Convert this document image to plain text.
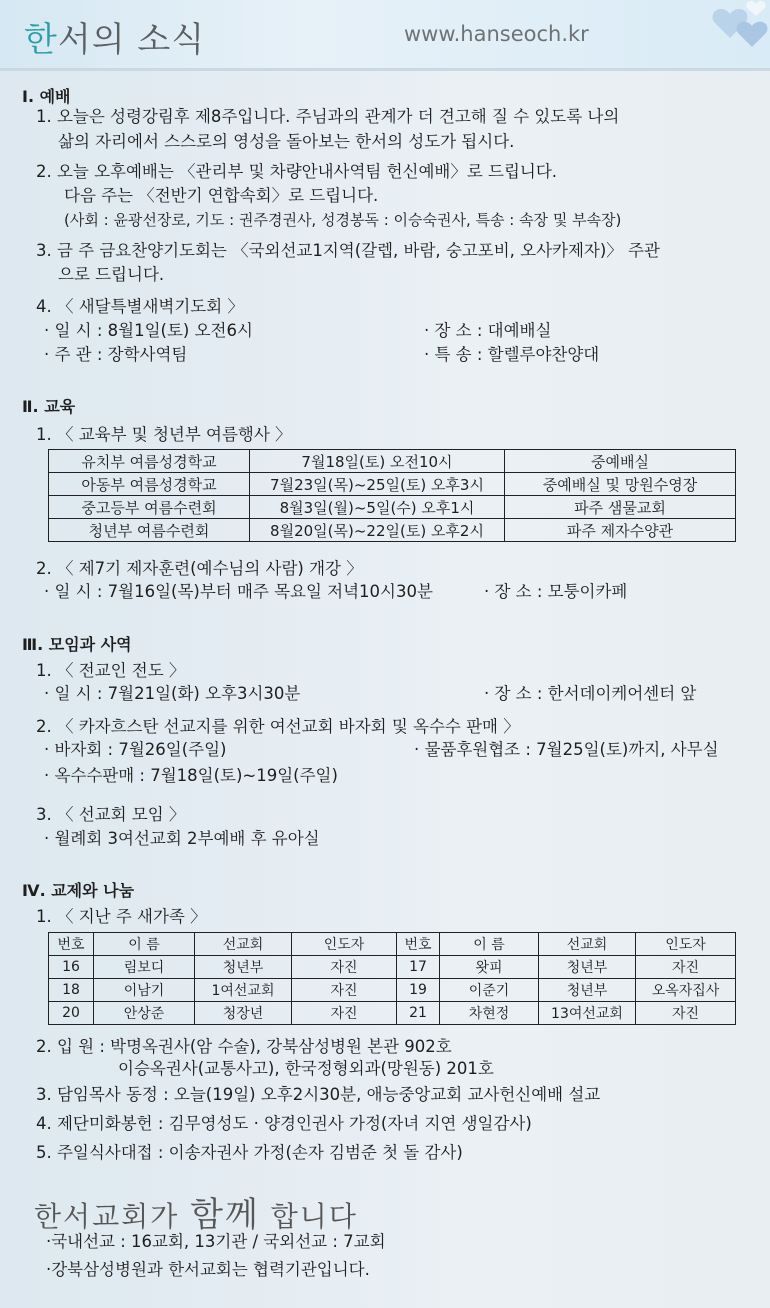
한서의 소식	www.hanseoch.kr
Ⅰ. 예배
1. 오늘은 성령강림후 제8주입니다. 주님과의 관계가 더 견고해 질 수 있도록 나의
삶의 자리에서 스스로의 영성을 돌아보는 한서의 성도가 됩시다.
2. 오늘 오후예배는 〈관리부 및 차량안내사역팀 헌신예배〉로 드립니다.
다음 주는 〈전반기 연합속회〉로 드립니다.
(사회 : 윤광선장로, 기도 : 권주경권사, 성경봉독 : 이승숙권사, 특송 : 속장 및 부속장)
3. 금 주 금요찬양기도회는 〈국외선교1지역(갈렙, 바람, 숭고포비, 오사카제자)〉 주관
으로 드립니다.
4. 〈 새달특별새벽기도회 〉
· 일 시 : 8월1일(토) 오전6시	· 장 소 : 대예배실
· 주 관 : 장학사역팀	· 특 송 : 할렐루야찬양대
Ⅱ. 교육
1. 〈 교육부 및 청년부 여름행사 〉
유치부 여름성경학교	7월18일(토) 오전10시	중예배실
아동부 여름성경학교	7월23일(목)~25일(토) 오후3시	중예배실 및 망원수영장
중고등부 여름수련회	8월3일(월)~5일(수) 오후1시	파주 샘물교회
청년부 여름수련회	8월20일(목)~22일(토) 오후2시	파주 제자수양관
2. 〈 제7기 제자훈련(예수님의 사람) 개강 〉
· 일 시 : 7월16일(목)부터 매주 목요일 저녁10시30분	· 장 소 : 모퉁이카페
Ⅲ. 모임과 사역
1. 〈 전교인 전도 〉
· 일 시 : 7월21일(화) 오후3시30분	· 장 소 : 한서데이케어센터 앞
2. 〈 카자흐스탄 선교지를 위한 여선교회 바자회 및 옥수수 판매 〉
· 바자회 : 7월26일(주일)	· 물품후원협조 : 7월25일(토)까지, 사무실
· 옥수수판매 : 7월18일(토)~19일(주일)
3. 〈 선교회 모임 〉
· 월례회 3여선교회 2부예배 후 유아실
Ⅳ. 교제와 나눔
1. 〈 지난 주 새가족 〉
번호	이 름	선교회	인도자	번호	이 름	선교회	인도자
16	림보디	청년부	자진	17	왓피	청년부	자진
18	이남기	1여선교회	자진	19	이준기	청년부	오옥자집사
20	안상준	청장년	자진	21	차현정	13여선교회	자진
2. 입 원 : 박명옥권사(암 수술), 강북삼성병원 본관 902호
이승옥권사(교통사고), 한국정형외과(망원동) 201호
3. 담임목사 동정 : 오늘(19일) 오후2시30분, 애능중앙교회 교사헌신예배 설교
4. 제단미화봉헌 : 김무영성도 · 양경인권사 가정(자녀 지연 생일감사)
5. 주일식사대접 : 이송자권사 가정(손자 김범준 첫 돌 감사)
한서교회가 함께 합니다
·국내선교 : 16교회, 13기관 / 국외선교 : 7교회
·강북삼성병원과 한서교회는 협력기관입니다.
